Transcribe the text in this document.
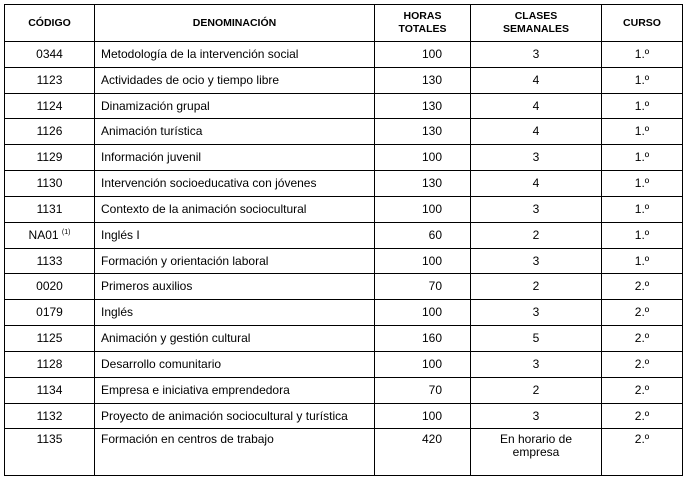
CÓDIGO	DENOMINACIÓN	HORAS TOTALES	CLASES SEMANALES	CURSO
0344	Metodología de la intervención social	100	3	1.º
1123	Actividades de ocio y tiempo libre	130	4	1.º
1124	Dinamización grupal	130	4	1.º
1126	Animación turística	130	4	1.º
1129	Información juvenil	100	3	1.º
1130	Intervención socioeducativa con jóvenes	130	4	1.º
1131	Contexto de la animación sociocultural	100	3	1.º
NA01 $^{(1)}$	Inglés I	60	2	1.º
1133	Formación y orientación laboral	100	3	1.º
0020	Primeros auxilios	70	2	2.º
0179	Inglés	100	3	2.º
1125	Animación y gestión cultural	160	5	2.º
1128	Desarrollo comunitario	100	3	2.º
1134	Empresa e iniciativa emprendedora	70	2	2.º
1132	Proyecto de animación sociocultural y turística	100	3	2.º
1135	Formación en centros de trabajo	420	En horario de empresa	2.º
